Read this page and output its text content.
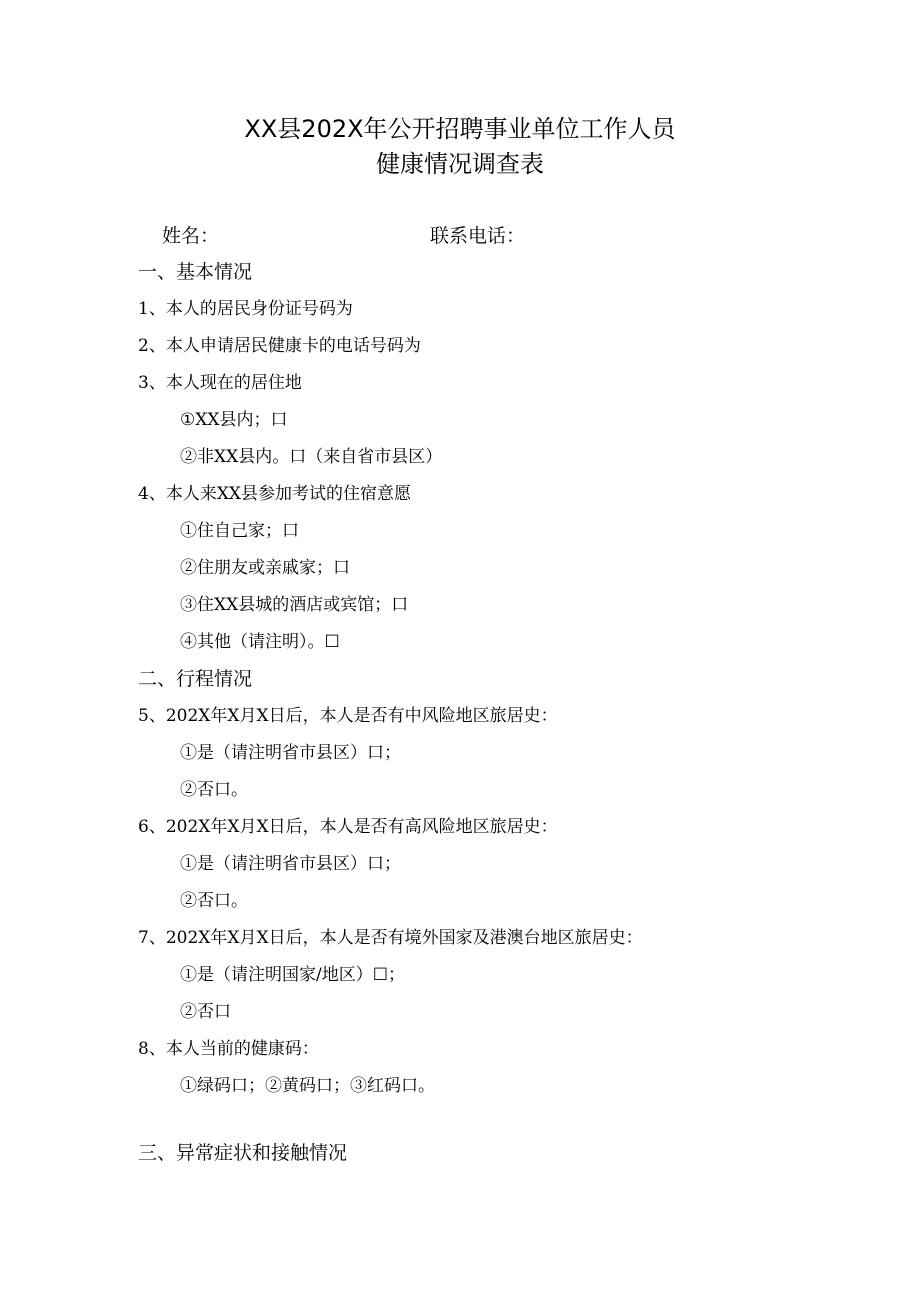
XX县202X年公开招聘事业单位工作人员
健康情况调查表
姓名：	联系电话：
一、基本情况
1、本人的居民身份证号码为
2、本人申请居民健康卡的电话号码为
3、本人现在的居住地
①XX县内；口
②非XX县内。口（来自省市县区）
4、本人来XX县参加考试的住宿意愿
①住自己家；口
②住朋友或亲戚家；口
③住XX县城的酒店或宾馆；口
④其他（请注明）。☐
二、行程情况
5、202X年X月X日后，本人是否有中风险地区旅居史：
①是（请注明省市县区）口；
②否口。
6、202X年X月X日后，本人是否有高风险地区旅居史：
①是（请注明省市县区）口；
②否口。
7、202X年X月X日后，本人是否有境外国家及港澳台地区旅居史：
①是（请注明国家/地区）☐；
②否口
8、本人当前的健康码：
①绿码口；②黄码口；③红码口。
三、异常症状和接触情况
